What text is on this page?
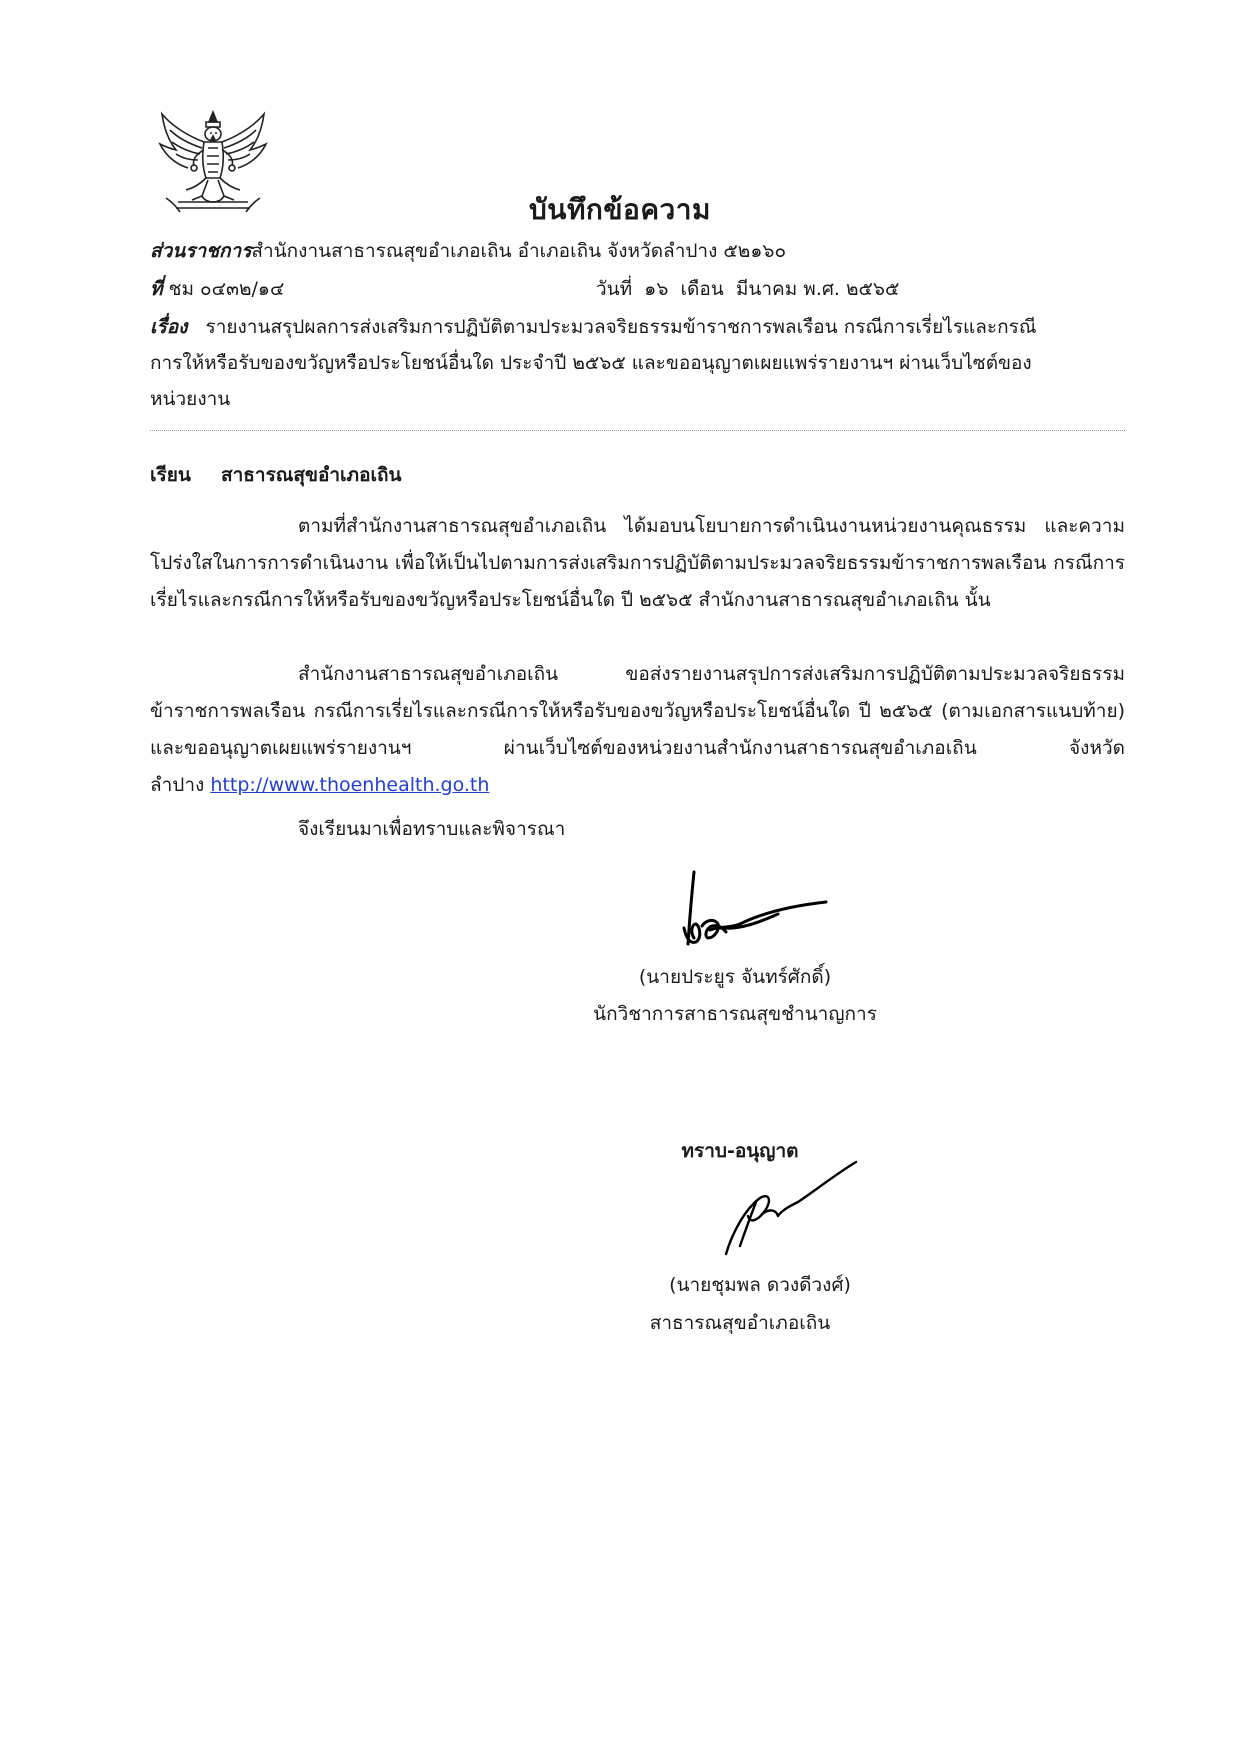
บันทึกข้อความ
ส่วนราชการสำนักงานสาธารณสุขอำเภอเถิน อำเภอเถิน จังหวัดลำปาง ๕๒๑๖๐
ที่ ชม ๐๔๓๒/๑๔	วันที่ ๑๖ เดือน มีนาคม พ.ศ. ๒๕๖๕
เรื่อง รายงานสรุปผลการส่งเสริมการปฏิบัติตามประมวลจริยธรรมข้าราชการพลเรือน กรณีการเรี่ยไรและกรณี
การให้หรือรับของขวัญหรือประโยชน์อื่นใด ประจำปี ๒๕๖๕ และขออนุญาตเผยแพร่รายงานฯ ผ่านเว็บไซต์ของ
หน่วยงาน
เรียน สาธารณสุขอำเภอเถิน
ตามที่สำนักงานสาธารณสุขอำเภอเถิน ได้มอบนโยบายการดำเนินงานหน่วยงานคุณธรรม และความโปร่งใสในการการดำเนินงาน เพื่อให้เป็นไปตามการส่งเสริมการปฏิบัติตามประมวลจริยธรรมข้าราชการพลเรือน กรณีการเรี่ยไรและกรณีการให้หรือรับของขวัญหรือประโยชน์อื่นใด ปี ๒๕๖๕ สำนักงานสาธารณสุขอำเภอเถิน นั้น
สำนักงานสาธารณสุขอำเภอเถิน ขอส่งรายงานสรุปการส่งเสริมการปฏิบัติตามประมวลจริยธรรมข้าราชการพลเรือน กรณีการเรี่ยไรและกรณีการให้หรือรับของขวัญหรือประโยชน์อื่นใด ปี ๒๕๖๕ (ตามเอกสารแนบท้าย) และขออนุญาตเผยแพร่รายงานฯ ผ่านเว็บไซต์ของหน่วยงานสำนักงานสาธารณสุขอำเภอเถิน จังหวัดลำปาง http://www.thoenhealth.go.th
จึงเรียนมาเพื่อทราบและพิจารณา
(นายประยูร จันทร์ศักดิ์)
นักวิชาการสาธารณสุขชำนาญการ
ทราบ-อนุญาต
(นายชุมพล ดวงดีวงศ์)
สาธารณสุขอำเภอเถิน
